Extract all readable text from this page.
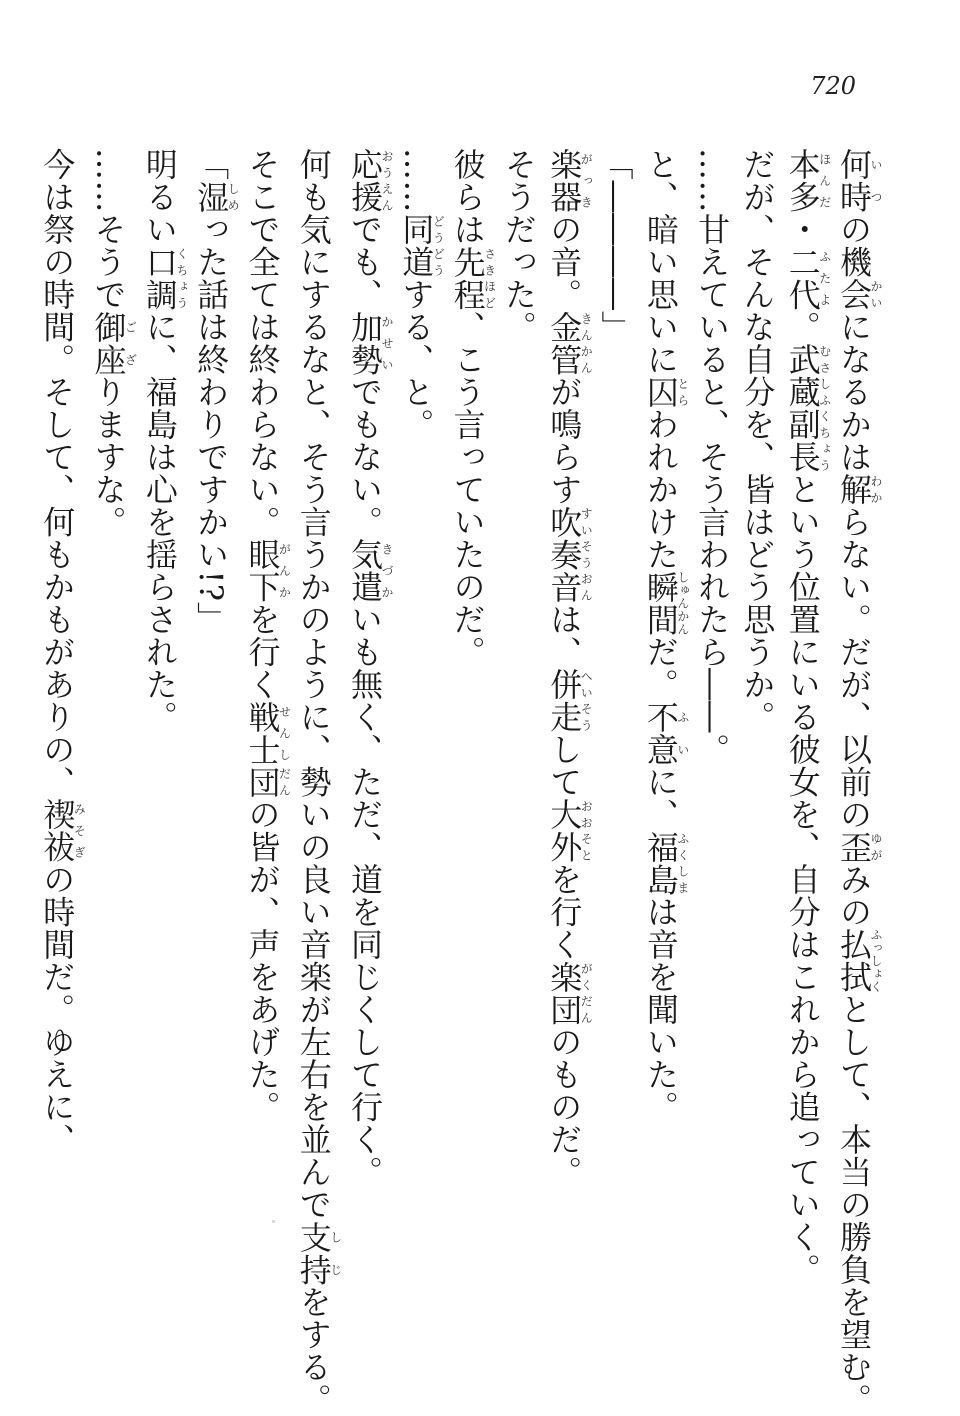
720
何時いつの機会かいになるかは解わからない。だが、以前の歪ゆがみの払拭ふっしょくとして、本当の勝負を望む。
本多ほんだ・二代ふたよ。武蔵副長むさしふくちょうという位置にいる彼女を、自分はこれから追っていく。
だが、そんな自分を、皆はどう思うか。
……甘えていると、そう言われたら――。
と、暗い思いに囚とらわれかけた瞬間しゅんかんだ。不意ふいに、福島ふくしまは音を聞いた。
「――――」
楽器がっきの音。金管きんかんが鳴らす吹奏音すいそうおんは、併走へいそうして大外おおそとを行く楽団がくだんのものだ。
そうだった。
彼らは先程さきほど、こう言っていたのだ。
……同道どうどうする、と。
応援おうえんでも、加勢かせいでもない。気遣きづかいも無く、ただ、道を同じくして行く。
何も気にするなと、そう言うかのように、勢いの良い音楽が左右を並んで支持しじをする。
そこで全ては終わらない。眼下がんかを行く戦士せんし団だんの皆が、声をあげた。
「湿しめった話は終わりですかい!?」
明るい口調くちょうに、福島は心を揺らされた。
……そうで御座ござりますな。
今は祭の時間。そして、何もかもがありの、禊祓みそぎの時間だ。ゆえに、
